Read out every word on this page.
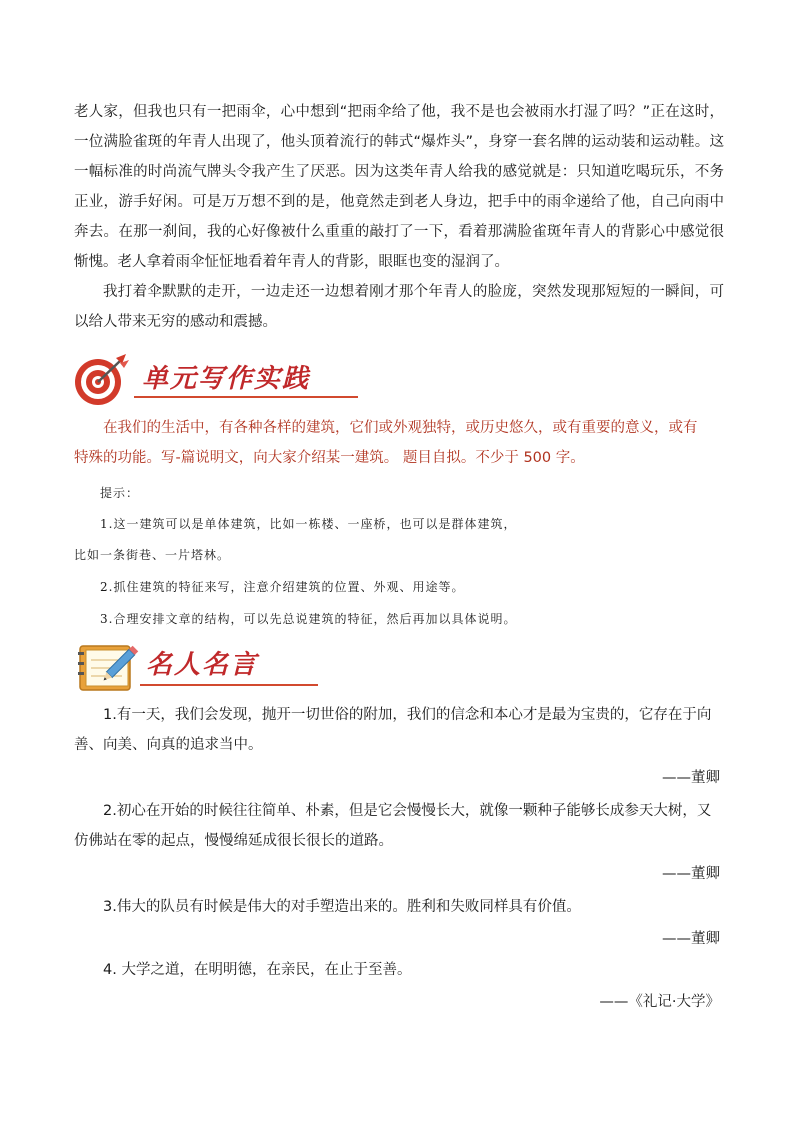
老人家，但我也只有一把雨伞，心中想到“把雨伞给了他，我不是也会被雨水打湿了吗？”正在这时，一位满脸雀斑的年青人出现了，他头顶着流行的韩式“爆炸头”，身穿一套名牌的运动装和运动鞋。这一幅标准的时尚流气牌头令我产生了厌恶。因为这类年青人给我的感觉就是：只知道吃喝玩乐，不务正业，游手好闲。可是万万想不到的是，他竟然走到老人身边，把手中的雨伞递给了他，自己向雨中奔去。在那一刹间，我的心好像被什么重重的敲打了一下，看着那满脸雀斑年青人的背影心中感觉很惭愧。老人拿着雨伞怔怔地看着年青人的背影，眼眶也变的湿润了。

我打着伞默默的走开，一边走还一边想着刚才那个年青人的脸庞，突然发现那短短的一瞬间，可以给人带来无穷的感动和震撼。

单元写作实践

在我们的生活中，有各种各样的建筑，它们或外观独特，或历史悠久，或有重要的意义，或有

特殊的功能。写-篇说明文，向大家介绍某一建筑。 题目自拟。不少于 500 字。

提示：
1.这一建筑可以是单体建筑，比如一栋楼、一座桥，也可以是群体建筑，
比如一条街巷、一片塔林。
2.抓住建筑的特征来写，注意介绍建筑的位置、外观、用途等。
3.合理安排文章的结构，可以先总说建筑的特征，然后再加以具体说明。
名人名言

1.有一天，我们会发现，抛开一切世俗的附加，我们的信念和本心才是最为宝贵的，它存在于向善、向美、向真的追求当中。

——董卿

2.初心在开始的时候往往简单、朴素，但是它会慢慢长大，就像一颗种子能够长成参天大树，又仿佛站在零的起点，慢慢绵延成很长很长的道路。

——董卿

3.伟大的队员有时候是伟大的对手塑造出来的。胜利和失败同样具有价值。

——董卿

4. 大学之道，在明明德，在亲民，在止于至善。

——《礼记·大学》
